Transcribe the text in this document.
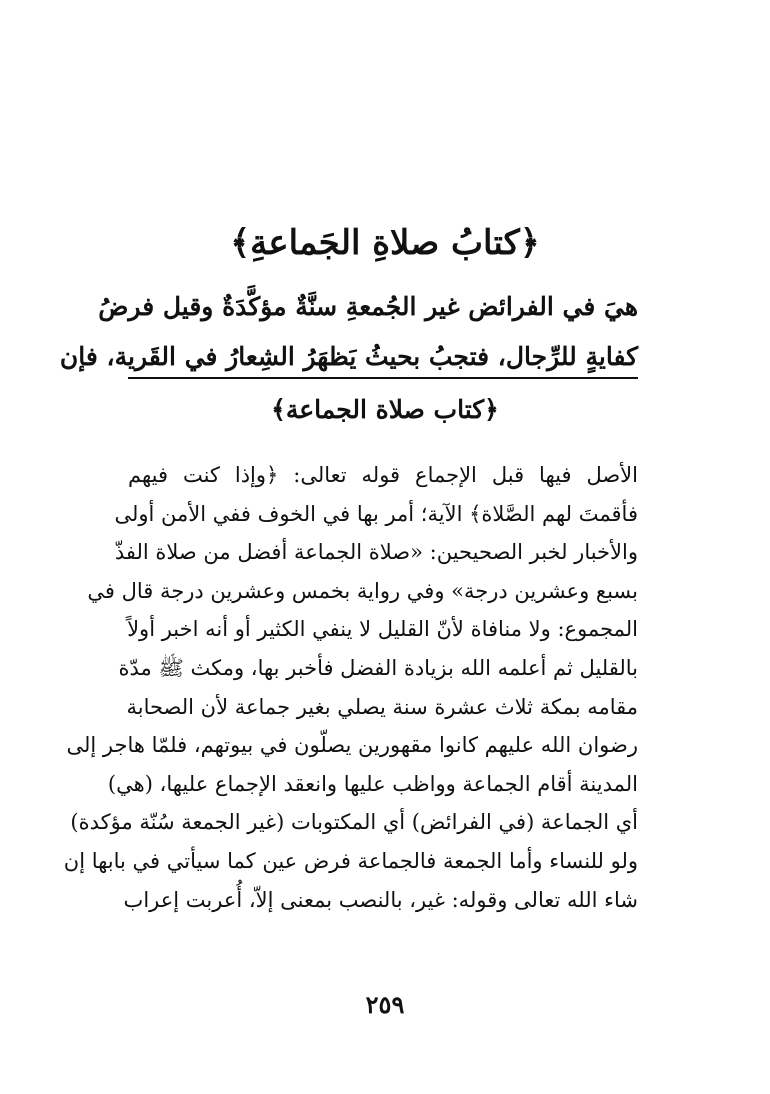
﴿كتابُ صلاةِ الجَماعةِ﴾
هيَ في الفرائض غير الجُمعةِ سنَّةٌ مؤكَّدَةٌ وقيل فرضُ
كفايةٍ للرِّجال، فتجبُ بحيثُ يَظهَرُ الشِعارُ في القَرية، فإن
﴿كتاب صلاة الجماعة﴾
الأصل فيها قبل الإجماع قوله تعالى: ﴿وإذا كنت فيهم
فأقمتَ لهم الصَّلاة﴾ الآية؛ أمر بها في الخوف ففي الأمن أولى
والأخبار لخبر الصحيحين: «صلاة الجماعة أفضل من صلاة الفذّ
بسبع وعشرين درجة» وفي رواية بخمس وعشرين درجة قال في
المجموع: ولا منافاة لأنّ القليل لا ينفي الكثير أو أنه اخبر أولاً
بالقليل ثم أعلمه الله بزيادة الفضل فأخبر بها، ومكث ﷺ مدّة
مقامه بمكة ثلاث عشرة سنة يصلي بغير جماعة لأن الصحابة
رضوان الله عليهم كانوا مقهورين يصلّون في بيوتهم، فلمّا هاجر إلى
المدينة أقام الجماعة وواظب عليها وانعقد الإجماع عليها، (هي)
أي الجماعة (في الفرائض) أي المكتوبات (غير الجمعة سُنّة مؤكدة)
ولو للنساء وأما الجمعة فالجماعة فرض عين كما سيأتي في بابها إن
شاء الله تعالى وقوله: غير، بالنصب بمعنى إلاّ، أُعربت إعراب
٢٥٩
